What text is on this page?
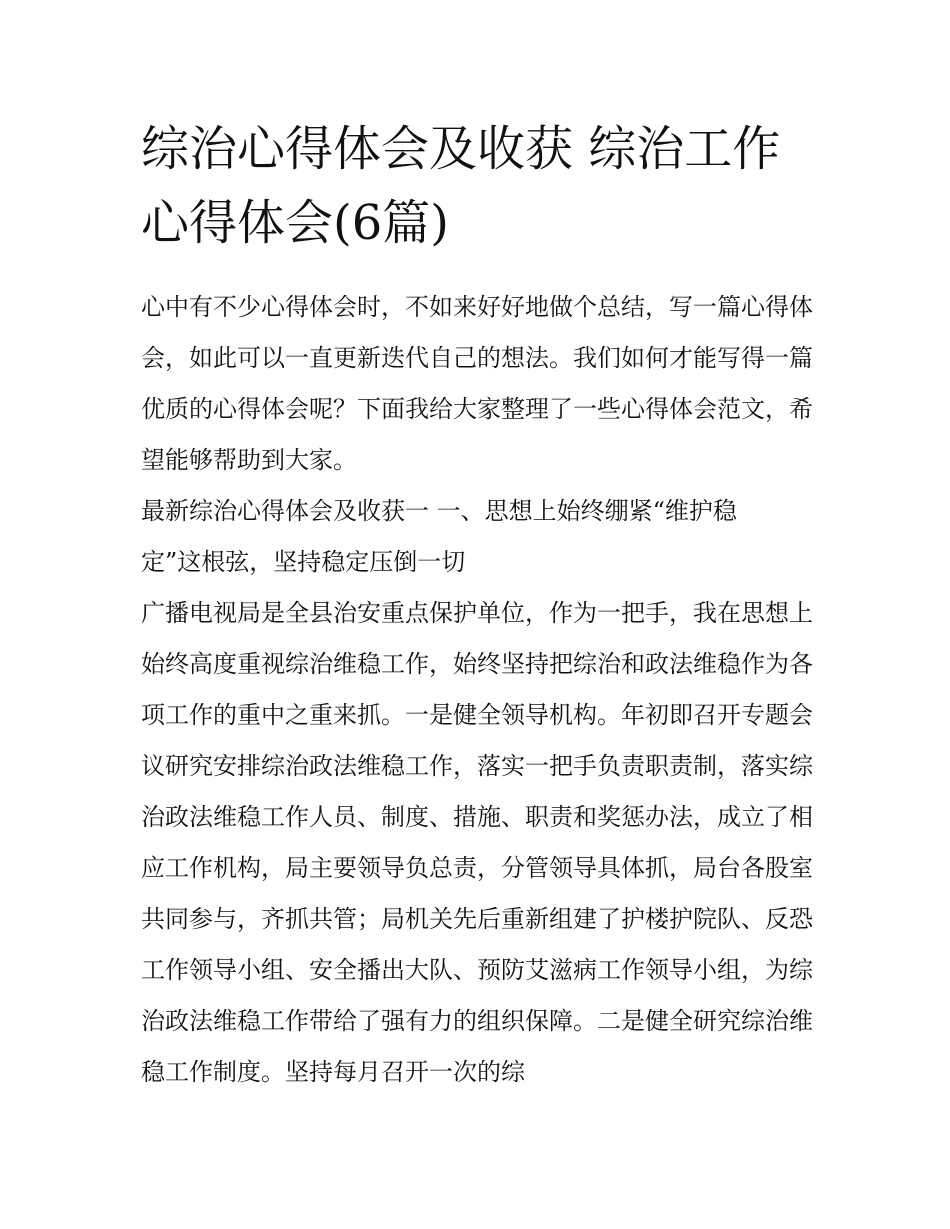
综治心得体会及收获 综治工作心得体会(6篇)

心中有不少心得体会时，不如来好好地做个总结，写一篇心得体会，如此可以一直更新迭代自己的想法。我们如何才能写得一篇优质的心得体会呢？下面我给大家整理了一些心得体会范文，希望能够帮助到大家。

最新综治心得体会及收获一 一、思想上始终绷紧“维护稳定”这根弦，坚持稳定压倒一切

广播电视局是全县治安重点保护单位，作为一把手，我在思想上始终高度重视综治维稳工作，始终坚持把综治和政法维稳作为各项工作的重中之重来抓。一是健全领导机构。年初即召开专题会议研究安排综治政法维稳工作，落实一把手负责职责制，落实综治政法维稳工作人员、制度、措施、职责和奖惩办法，成立了相应工作机构，局主要领导负总责，分管领导具体抓，局台各股室共同参与，齐抓共管；局机关先后重新组建了护楼护院队、反恐工作领导小组、安全播出大队、预防艾滋病工作领导小组，为综治政法维稳工作带给了强有力的组织保障。二是健全研究综治维稳工作制度。坚持每月召开一次的综
